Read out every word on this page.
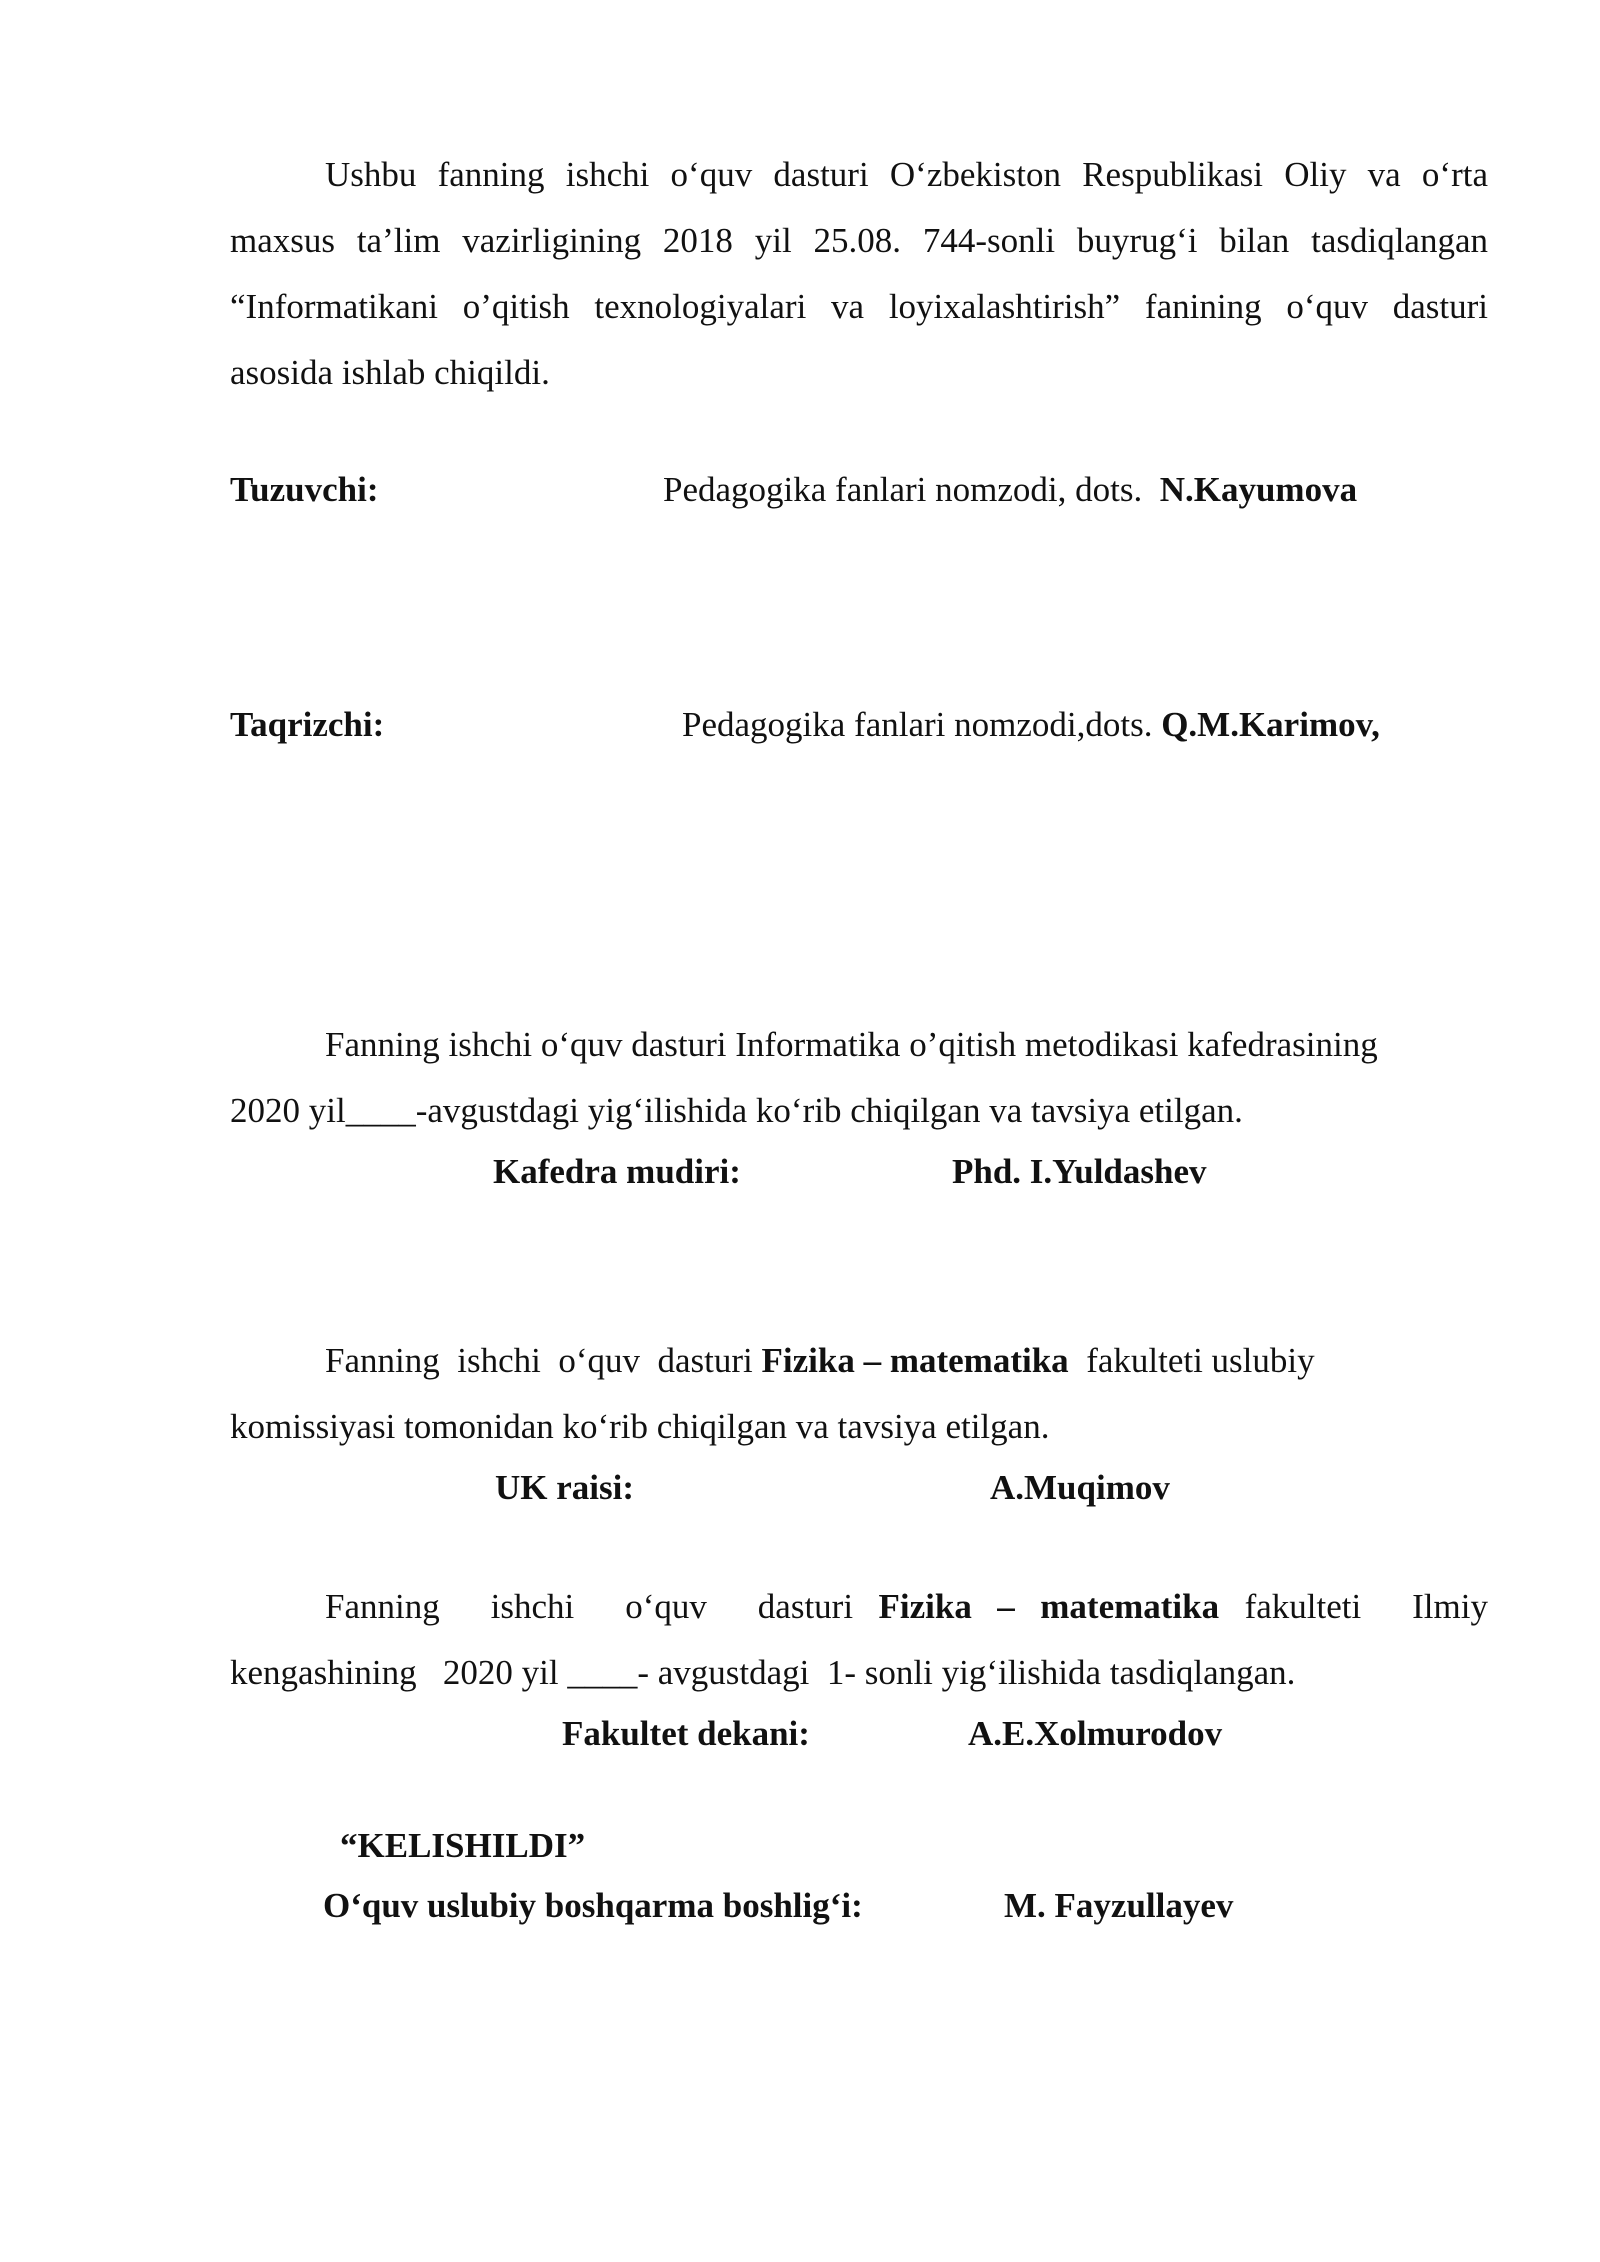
Ushbu fanning ishchi o‘quv dasturi O‘zbekiston Respublikasi Oliy va o‘rta
maxsus ta’lim vazirligining 2018 yil 25.08. 744-sonli buyrug‘i bilan tasdiqlangan
“Informatikani o’qitish texnologiyalari va loyixalashtirish” fanining o‘quv dasturi
asosida ishlab chiqildi.
Tuzuvchi:	Pedagogika fanlari nomzodi, dots. N.Kayumova
Taqrizchi:	Pedagogika fanlari nomzodi,dots. Q.M.Karimov,
Fanning ishchi o‘quv dasturi Informatika o’qitish metodikasi kafedrasining
2020 yil____-avgustdagi yig‘ilishida ko‘rib chiqilgan va tavsiya etilgan.
Kafedra mudiri:	Phd. I.Yuldashev
Fanning  ishchi  o‘quv  dasturi Fizika – matematika  fakulteti uslubiy
komissiyasi tomonidan ko‘rib chiqilgan va tavsiya etilgan.
UK raisi:	A.Muqimov
Fanning  ishchi  o‘quv  dasturi Fizika – matematika fakulteti  Ilmiy
kengashining   2020 yil ____- avgustdagi  1- sonli yig‘ilishida tasdiqlangan.
Fakultet dekani:	A.E.Xolmurodov
“KELISHILDI”
O‘quv uslubiy boshqarma boshlig‘i:	M. Fayzullayev
